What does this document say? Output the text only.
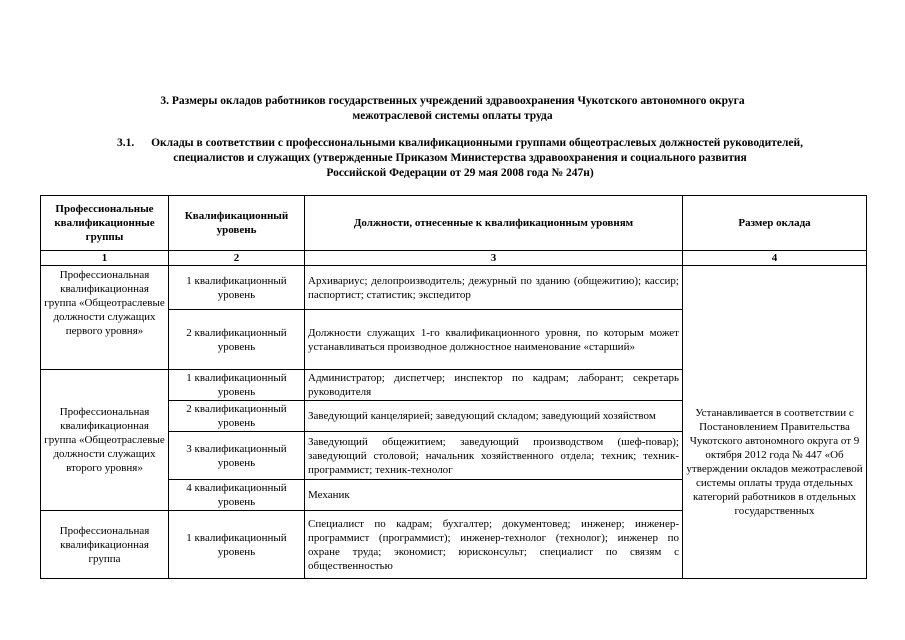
3. Размеры окладов работников государственных учреждений здравоохранения Чукотского автономного округа
межотраслевой системы оплаты труда
3.1. Оклады в соответствии с профессиональными квалификационными группами общеотраслевых должностей руководителей,
специалистов и служащих (утвержденные Приказом Министерства здравоохранения и социального развития
Российской Федерации от 29 мая 2008 года № 247н)
Профессиональные квалификационные группы	Квалификационный уровень	Должности, отнесенные к квалификационным уровням	Размер оклада
1	2	3	4
Профессиональная квалификационная группа «Общеотраслевые должности служащих первого уровня»	1 квалификационный уровень	Архивариус; делопроизводитель; дежурный по зданию (общежитию); кассир; паспортист; статистик; экспедитор	Устанавливается в соответствии с Постановлением Правительства Чукотского автономного округа от 9 октября 2012 года № 447 «Об утверждении окладов межотраслевой системы оплаты труда отдельных категорий работников в отдельных государственных
	2 квалификационный уровень	Должности служащих 1-го квалификационного уровня, по которым может устанавливаться производное должностное наименование «старший»	
Профессиональная квалификационная группа «Общеотраслевые должности служащих второго уровня»	1 квалификационный уровень	Администратор; диспетчер; инспектор по кадрам; лаборант; секретарь руководителя	
	2 квалификационный уровень	Заведующий канцелярией; заведующий складом; заведующий хозяйством	
	3 квалификационный уровень	Заведующий общежитием; заведующий производством (шеф-повар); заведующий столовой; начальник хозяйственного отдела; техник; техник-программист; техник-технолог	
	4 квалификационный уровень	Механик	
Профессиональная квалификационная группа	1 квалификационный уровень	Специалист по кадрам; бухгалтер; документовед; инженер; инженер-программист (программист); инженер-технолог (технолог); инженер по охране труда; экономист; юрисконсульт; специалист по связям с общественностью	
